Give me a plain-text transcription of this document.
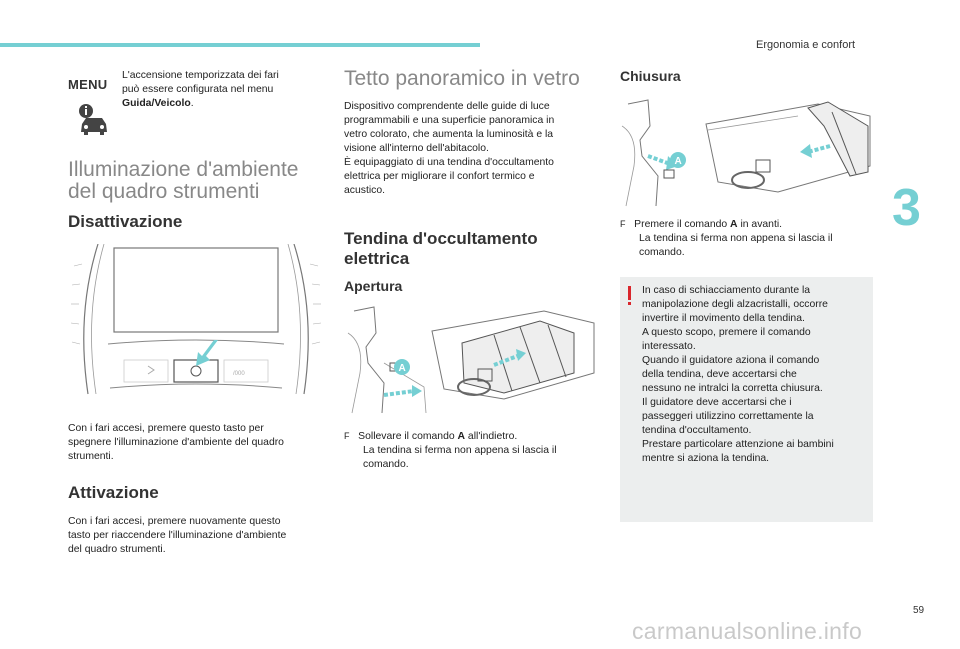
Ergonomia e confort
3
MENU

L'accensione temporizzata dei fari

può essere configurata nel menu

Guida/Veicolo.

Illuminazione d'ambiente

del quadro strumenti

Disattivazione
/000

Con i fari accesi, premere questo tasto per

spegnere l'illuminazione d'ambiente del quadro

strumenti.

Attivazione

Con i fari accesi, premere nuovamente questo

tasto per riaccendere l'illuminazione d'ambiente

del quadro strumenti.

Tetto panoramico in vetro

Dispositivo comprendente delle guide di luce

programmabili e una superficie panoramica in

vetro colorato, che aumenta la luminosità e la

visione all'interno dell'abitacolo.

È equipaggiato di una tendina d'occultamento

elettrica per migliorare il confort termico e

acustico.

Tendina d'occultamento

elettrica

Apertura
A

F Sollevare il comando A all'indietro.

La tendina si ferma non appena si lascia il

comando.

Chiusura
A

F Premere il comando A in avanti.

La tendina si ferma non appena si lascia il

comando.

In caso di schiacciamento durante la

manipolazione degli alzacristalli, occorre

invertire il movimento della tendina.

A questo scopo, premere il comando

interessato.

Quando il guidatore aziona il comando

della tendina, deve accertarsi che

nessuno ne intralci la corretta chiusura.

Il guidatore deve accertarsi che i

passeggeri utilizzino correttamente la

tendina d'occultamento.

Prestare particolare attenzione ai bambini

mentre si aziona la tendina.

59
carmanualsonline.info
